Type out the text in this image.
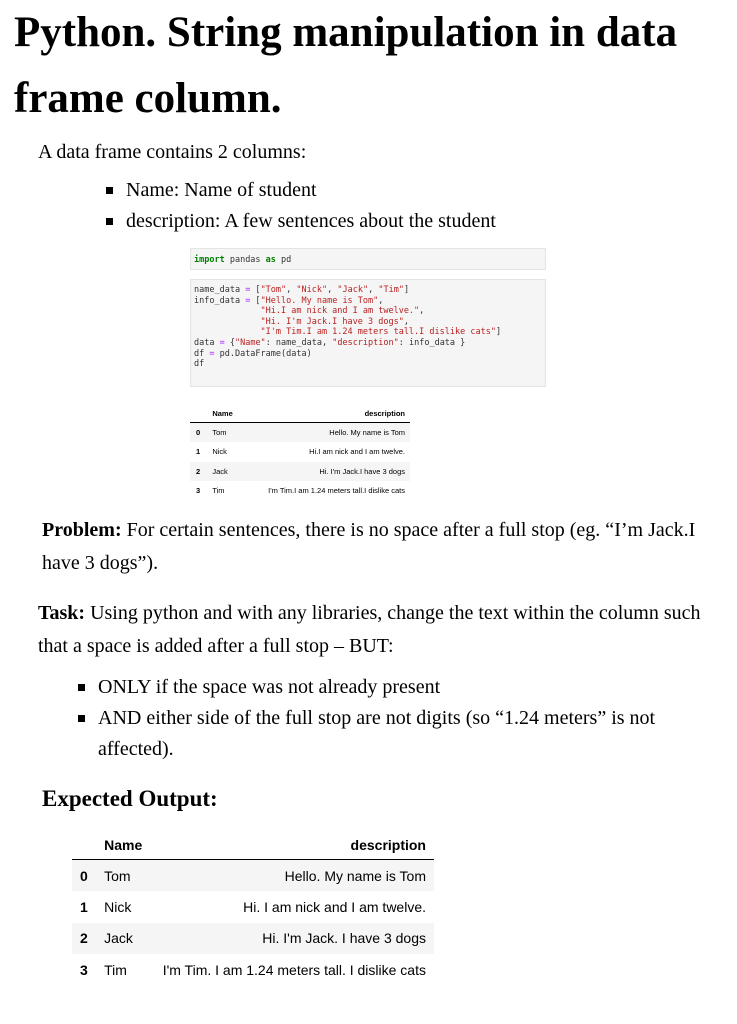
Python. String manipulation in data frame column.
A data frame contains 2 columns:
Name: Name of student
description: A few sentences about the student
import pandas as pd
name_data = ["Tom", "Nick", "Jack", "Tim"]
info_data = ["Hello. My name is Tom",
"Hi.I am nick and I am twelve.",
"Hi. I'm Jack.I have 3 dogs",
"I'm Tim.I am 1.24 meters tall.I dislike cats"]
data = {"Name": name_data, "description": info_data }
df = pd.DataFrame(data)
df
	Name	description
0	Tom	Hello. My name is Tom
1	Nick	Hi.I am nick and I am twelve.
2	Jack	Hi. I'm Jack.I have 3 dogs
3	Tim	I'm Tim.I am 1.24 meters tall.I dislike cats
Problem: For certain sentences, there is no space after a full stop (eg. “I’m Jack.I have 3 dogs”).
Task: Using python and with any libraries, change the text within the column such that a space is added after a full stop – BUT:
ONLY if the space was not already present
AND either side of the full stop are not digits (so “1.24 meters” is not affected).
Expected Output:
	Name	description
0	Tom	Hello. My name is Tom
1	Nick	Hi. I am nick and I am twelve.
2	Jack	Hi. I'm Jack. I have 3 dogs
3	Tim	I'm Tim. I am 1.24 meters tall. I dislike cats
